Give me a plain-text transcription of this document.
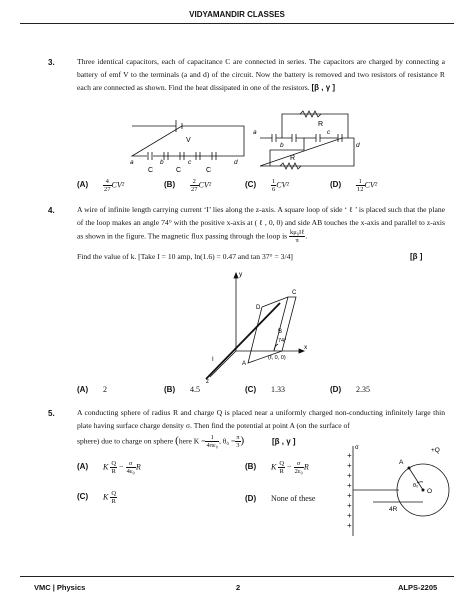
VIDYAMANDIR CLASSES
3.	Three identical capacitors, each of capacitance C are connected in series. The capacitors are charged by connecting a battery of emf V to the terminals (a and d) of the circuit. Now the battery is removed and two resistors of resistance R each are connected as shown. Find the heat dissipated in one of the resistors. [β , γ ]
V
a	b	c	d
C	C	C
R
R
a
b
c
d
$(A) \frac{4}{27} CV^2$	$(B) \frac{2}{27} CV^2$	$(C) \frac{1}{6} CV^2$	$(D) \frac{1}{12} CV^2$
4.	A wire of infinite length carrying current ‘I’ lies along the z-axis. A square loop of side ‘ ℓ ’ is placed such that the plane of the loop makes an angle 74° with the positive x-axis at ( ℓ , 0, 0) and side AB touches the x-axis and parallel to z-axis as shown in the figure. The magnetic flux passing through the loop is $\frac{\text{kμ₀Iℓ}}{\pi}$ .
Find the value of k. [Take I = 10 amp, ln(1.6) = 0.47 and tan 37° = 3/4]	[β ]
y
x
z
I
A
B
C
D
74°
(ℓ, 0, 0)
(A) 2	(B) 4.5	(C) 1.33	(D) 2.35
5.	A conducting sphere of radius R and charge Q is placed near a uniformly charged non-conducting infinitely large thin plate having surface charge density σ. Then find the potential at point A (on the surface of
sphere) due to charge on sphere (here $K = \frac{1}{\text{4πε₀}}$ , $\theta_0 = \frac{\pi}{3}$ )	[β , γ ]
+
+
+
+
+
+
+
+
σ
A
+Q
O
θ₀
4R
(A) K $\frac{Q}{R} - \frac{\sigma}{\text{4ε₀}}$ R	(B) K $\frac{Q}{R} - \frac{\sigma}{\text{2ε₀}}$ R
(C) K $\frac{Q}{R}$	(D) None of these
VMC | Physics	2	ALPS-2205
